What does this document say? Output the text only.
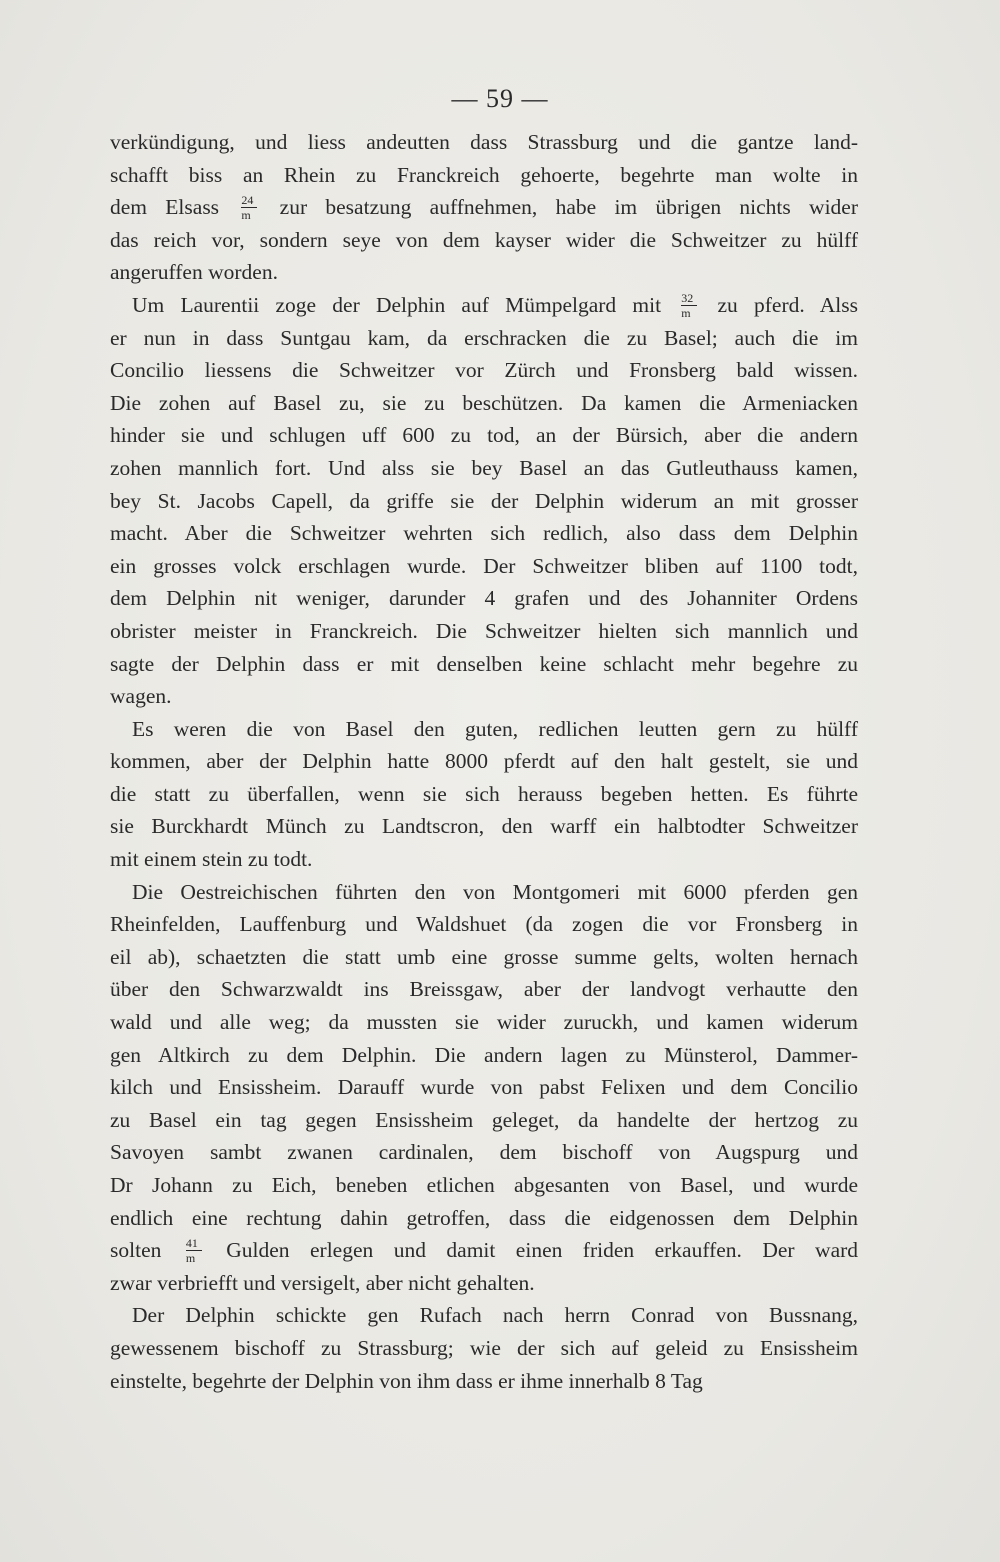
— 59 —
verkündigung, und liess andeutten dass Strassburg und die gantze land-
schafft biss an Rhein zu Franckreich gehoerte, begehrte man wolte in
dem Elsass $\frac{24}{m}$ zur besatzung auffnehmen, habe im übrigen nichts wider
das reich vor, sondern seye von dem kayser wider die Schweitzer zu hülff
angeruffen worden.
Um Laurentii zoge der Delphin auf Mümpelgard mit $\frac{32}{m}$ zu pferd. Alss
er nun in dass Suntgau kam, da erschracken die zu Basel; auch die im
Concilio liessens die Schweitzer vor Zürch und Fronsberg bald wissen.
Die zohen auf Basel zu, sie zu beschützen. Da kamen die Armeniacken
hinder sie und schlugen uff 600 zu tod, an der Bürsich, aber die andern
zohen mannlich fort. Und alss sie bey Basel an das Gutleuthauss kamen,
bey St. Jacobs Capell, da griffe sie der Delphin widerum an mit grosser
macht. Aber die Schweitzer wehrten sich redlich, also dass dem Delphin
ein grosses volck erschlagen wurde. Der Schweitzer bliben auf 1100 todt,
dem Delphin nit weniger, darunder 4 grafen und des Johanniter Ordens
obrister meister in Franckreich. Die Schweitzer hielten sich mannlich und
sagte der Delphin dass er mit denselben keine schlacht mehr begehre zu
wagen.
Es weren die von Basel den guten, redlichen leutten gern zu hülff
kommen, aber der Delphin hatte 8000 pferdt auf den halt gestelt, sie und
die statt zu überfallen, wenn sie sich herauss begeben hetten. Es führte
sie Burckhardt Münch zu Landtscron, den warff ein halbtodter Schweitzer
mit einem stein zu todt.
Die Oestreichischen führten den von Montgomeri mit 6000 pferden gen
Rheinfelden, Lauffenburg und Waldshuet (da zogen die vor Fronsberg in
eil ab), schaetzten die statt umb eine grosse summe gelts, wolten hernach
über den Schwarzwaldt ins Breissgaw, aber der landvogt verhautte den
wald und alle weg; da mussten sie wider zuruckh, und kamen widerum
gen Altkirch zu dem Delphin. Die andern lagen zu Münsterol, Dammer-
kilch und Ensissheim. Darauff wurde von pabst Felixen und dem Concilio
zu Basel ein tag gegen Ensissheim geleget, da handelte der hertzog zu
Savoyen sambt zwanen cardinalen, dem bischoff von Augspurg und
Dr Johann zu Eich, beneben etlichen abgesanten von Basel, und wurde
endlich eine rechtung dahin getroffen, dass die eidgenossen dem Delphin
solten $\frac{41}{m}$ Gulden erlegen und damit einen friden erkauffen. Der ward
zwar verbriefft und versigelt, aber nicht gehalten.
Der Delphin schickte gen Rufach nach herrn Conrad von Bussnang,
gewessenem bischoff zu Strassburg; wie der sich auf geleid zu Ensissheim
einstelte, begehrte der Delphin von ihm dass er ihme innerhalb 8 Tag
